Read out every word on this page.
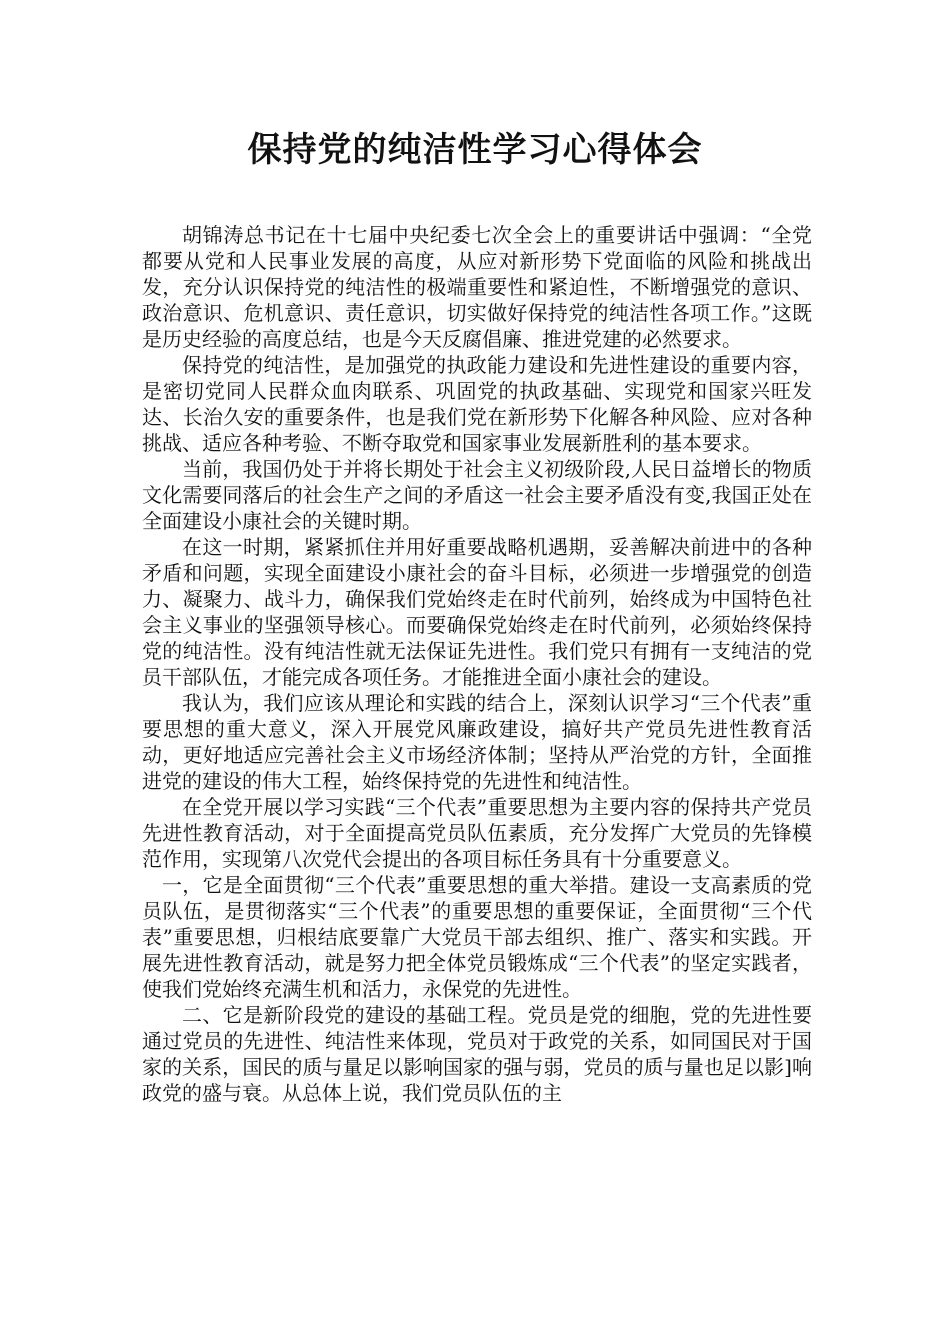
保持党的纯洁性学习心得体会

胡锦涛总书记在十七届中央纪委七次全会上的重要讲话中强调：“全党都要从党和人民事业发展的高度，从应对新形势下党面临的风险和挑战出发，充分认识保持党的纯洁性的极端重要性和紧迫性，不断增强党的意识、政治意识、危机意识、责任意识，切实做好保持党的纯洁性各项工作。”这既是历史经验的高度总结，也是今天反腐倡廉、推进党建的必然要求。

保持党的纯洁性，是加强党的执政能力建设和先进性建设的重要内容，是密切党同人民群众血肉联系、巩固党的执政基础、实现党和国家兴旺发达、长治久安的重要条件，也是我们党在新形势下化解各种风险、应对各种挑战、适应各种考验、不断夺取党和国家事业发展新胜利的基本要求。

当前，我国仍处于并将长期处于社会主义初级阶段,人民日益增长的物质文化需要同落后的社会生产之间的矛盾这一社会主要矛盾没有变,我国正处在全面建设小康社会的关键时期。

在这一时期，紧紧抓住并用好重要战略机遇期，妥善解决前进中的各种矛盾和问题，实现全面建设小康社会的奋斗目标，必须进一步增强党的创造力、凝聚力、战斗力，确保我们党始终走在时代前列，始终成为中国特色社会主义事业的坚强领导核心。而要确保党始终走在时代前列，必须始终保持党的纯洁性。没有纯洁性就无法保证先进性。我们党只有拥有一支纯洁的党员干部队伍，才能完成各项任务。才能推进全面小康社会的建设。

我认为，我们应该从理论和实践的结合上，深刻认识学习“三个代表”重要思想的重大意义，深入开展党风廉政建设，搞好共产党员先进性教育活动，更好地适应完善社会主义市场经济体制；坚持从严治党的方针，全面推进党的建设的伟大工程，始终保持党的先进性和纯洁性。

在全党开展以学习实践“三个代表”重要思想为主要内容的保持共产党员先进性教育活动，对于全面提高党员队伍素质，充分发挥广大党员的先锋模范作用，实现第八次党代会提出的各项目标任务具有十分重要意义。

一，它是全面贯彻“三个代表”重要思想的重大举措。建设一支高素质的党员队伍，是贯彻落实“三个代表”的重要思想的重要保证，全面贯彻“三个代表”重要思想，归根结底要靠广大党员干部去组织、推广、落实和实践。开展先进性教育活动，就是努力把全体党员锻炼成“三个代表”的坚定实践者，使我们党始终充满生机和活力，永保党的先进性。

二、它是新阶段党的建设的基础工程。党员是党的细胞，党的先进性要通过党员的先进性、纯洁性来体现，党员对于政党的关系，如同国民对于国家的关系，国民的质与量足以影响国家的强与弱，党员的质与量也足以影]响政党的盛与衰。从总体上说，我们党员队伍的主
